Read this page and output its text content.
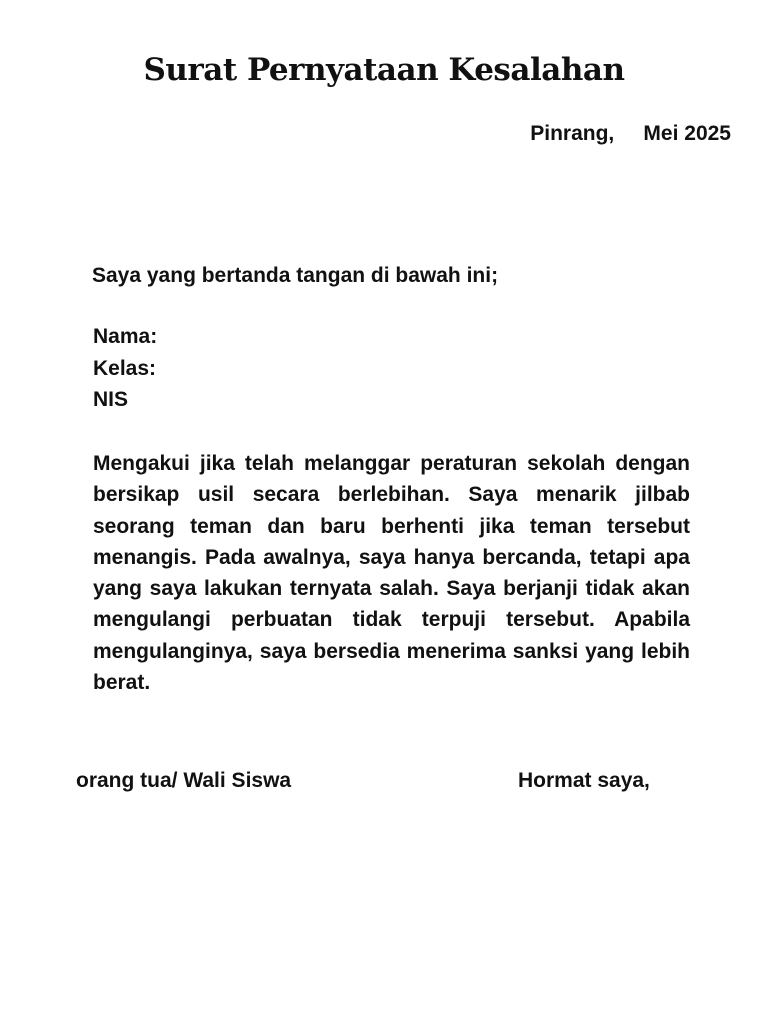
Surat Pernyataan Kesalahan
Pinrang,     Mei 2025
Saya yang bertanda tangan di bawah ini;
Nama:
Kelas:
NIS
Mengakui jika telah melanggar peraturan sekolah dengan bersikap usil secara berlebihan. Saya menarik jilbab seorang teman dan baru berhenti jika teman tersebut menangis. Pada awalnya, saya hanya bercanda, tetapi apa yang saya lakukan ternyata salah. Saya berjanji tidak akan mengulangi perbuatan tidak terpuji tersebut. Apabila mengulanginya, saya bersedia menerima sanksi yang lebih berat.
orang tua/ Wali Siswa	Hormat saya,
